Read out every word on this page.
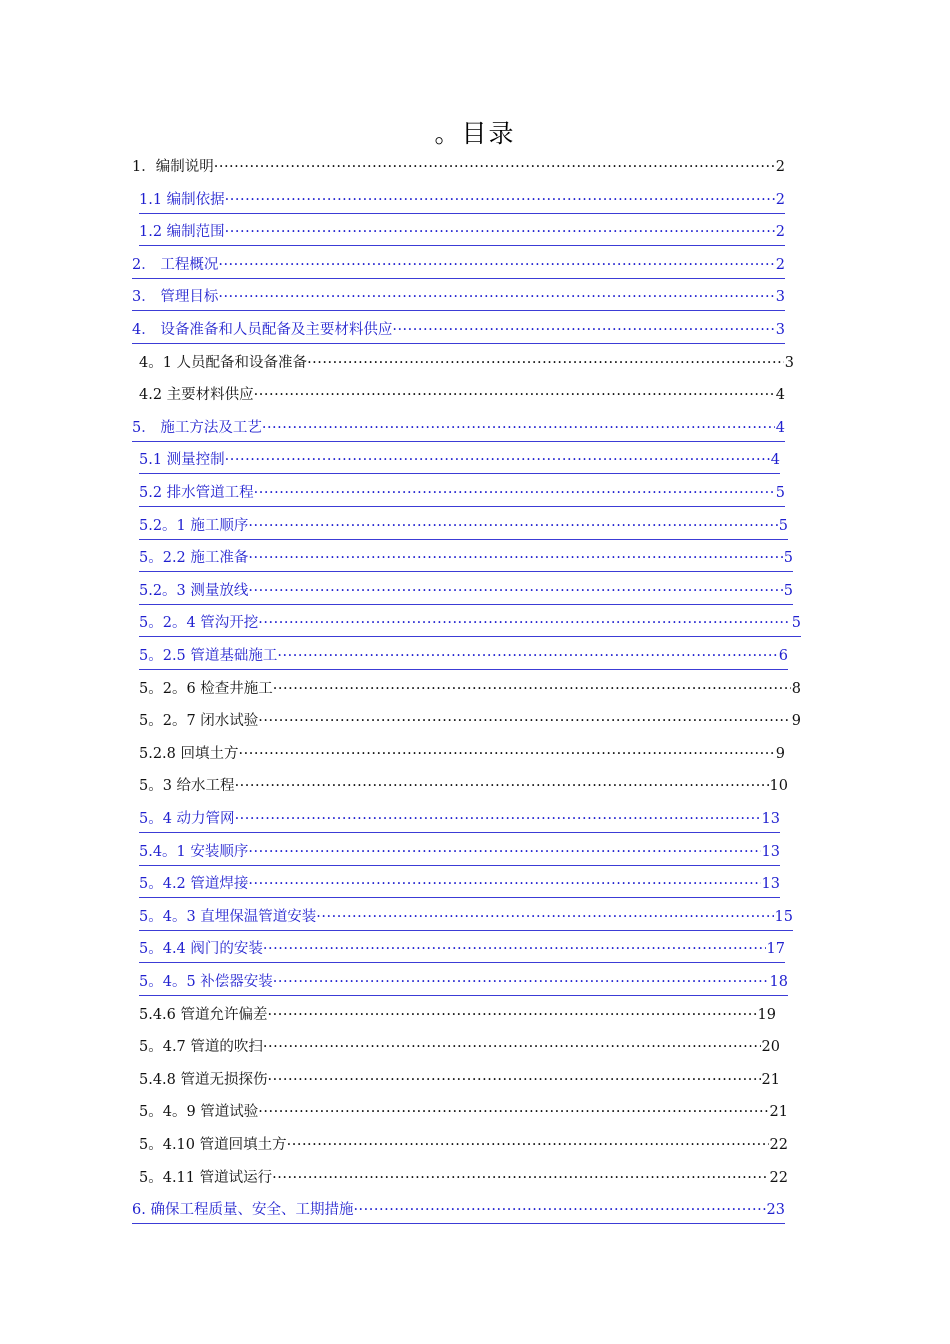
。目录
1．编制说明 ·····	2
1.1 编制依据 ·····	2
1.2 编制范围 ·····	2
2． 工程概况 ·····	2
3． 管理目标 ·····	3
4． 设备准备和人员配备及主要材料供应 ·····	3
4。1 人员配备和设备准备 ·····	3
4.2 主要材料供应 ·····	4
5． 施工方法及工艺 ·····	4
5.1 测量控制 ·····	4
5.2 排水管道工程 ·····	5
5.2。1 施工顺序 ·····	5
5。2.2 施工准备 ·····	5
5.2。3 测量放线 ·····	5
5。2。4 管沟开挖 ·····	5
5。2.5 管道基础施工 ·····	6
5。2。6 检查井施工 ·····	8
5。2。7 闭水试验 ·····	9
5.2.8 回填土方 ·····	9
5。3 给水工程 ·····	10
5。4 动力管网 ·····	13
5.4。1 安装顺序 ·····	13
5。4.2 管道焊接 ·····	13
5。4。3 直埋保温管道安装 ·····	15
5。4.4 阀门的安装 ·····	17
5。4。5 补偿器安装 ·····	18
5.4.6 管道允许偏差 ·····	19
5。4.7 管道的吹扫 ·····	20
5.4.8 管道无损探伤 ·····	21
5。4。9 管道试验 ·····	21
5。4.10 管道回填土方 ·····	22
5。4.11 管道试运行 ·····	22
6. 确保工程质量、安全、工期措施 ·····	23
